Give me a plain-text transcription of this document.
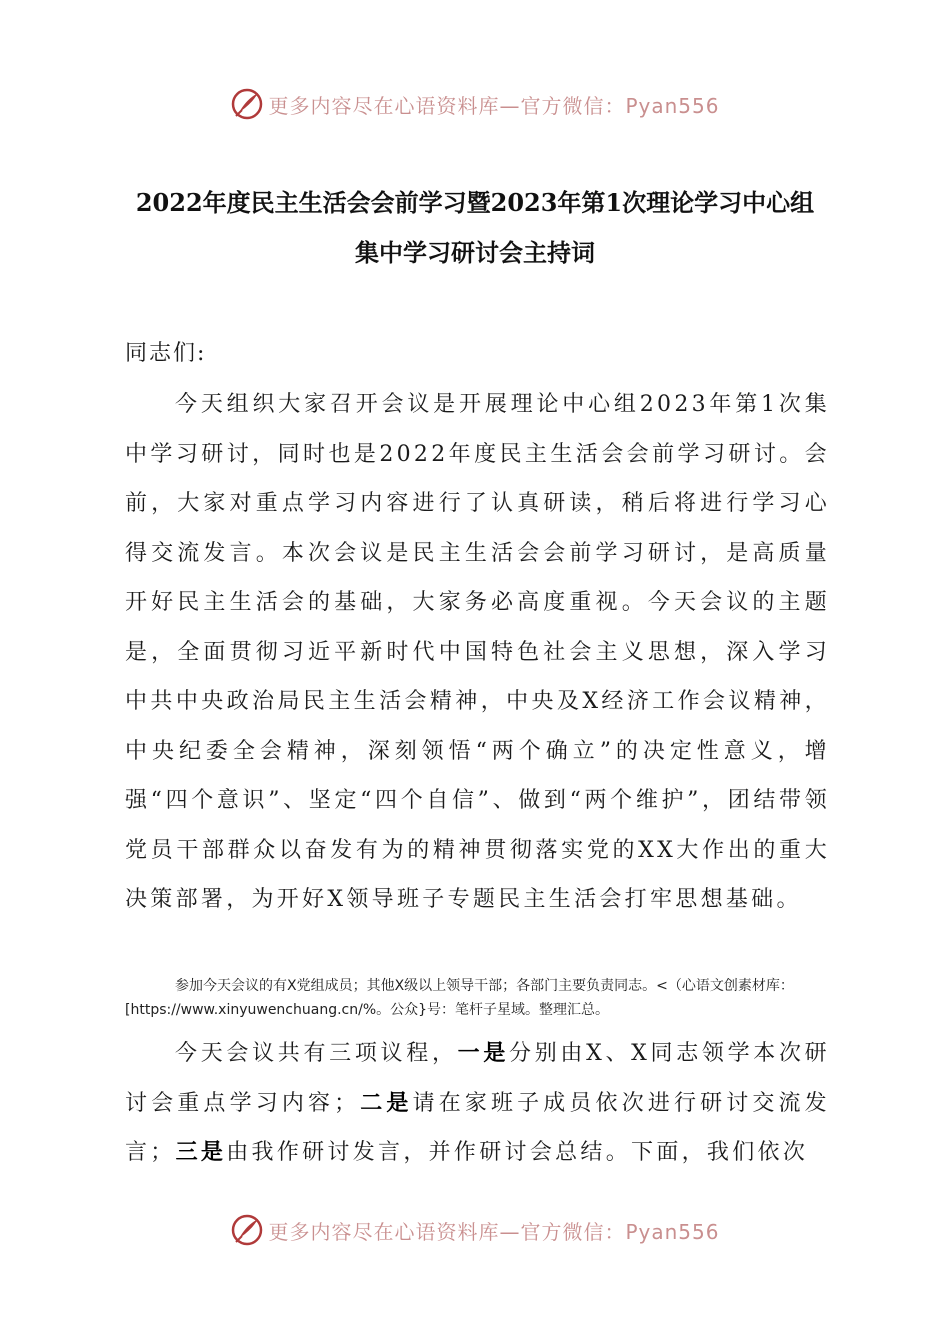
更多内容尽在心语资料库—官方微信：Pyan556
2022年度民主生活会会前学习暨2023年第1次理论学习中心组
集中学习研讨会主持词
同志们:

今天组织大家召开会议是开展理论中心组2023年第1次集中学习研讨，同时也是2022年度民主生活会会前学习研讨。会前，大家对重点学习内容进行了认真研读，稍后将进行学习心得交流发言。本次会议是民主生活会会前学习研讨，是高质量开好民主生活会的基础，大家务必高度重视。今天会议的主题是，全面贯彻习近平新时代中国特色社会主义思想，深入学习中共中央政治局民主生活会精神，中央及X经济工作会议精神，中央纪委全会精神，深刻领悟“两个确立”的决定性意义，增强“四个意识”、坚定“四个自信”、做到“两个维护”，团结带领党员干部群众以奋发有为的精神贯彻落实党的XX大作出的重大决策部署，为开好X领导班子专题民主生活会打牢思想基础。

参加今天会议的有X党组成员；其他X级以上领导干部；各部门主要负责同志。<（心语文创素材库：[https://www.xinyuwenchuang.cn/%。公众}号：笔杆子星域。整理汇总。

今天会议共有三项议程，一是分别由X、X同志领学本次研讨会重点学习内容；二是请在家班子成员依次进行研讨交流发言；三是由我作研讨发言，并作研讨会总结。下面，我们依次

更多内容尽在心语资料库—官方微信：Pyan556
